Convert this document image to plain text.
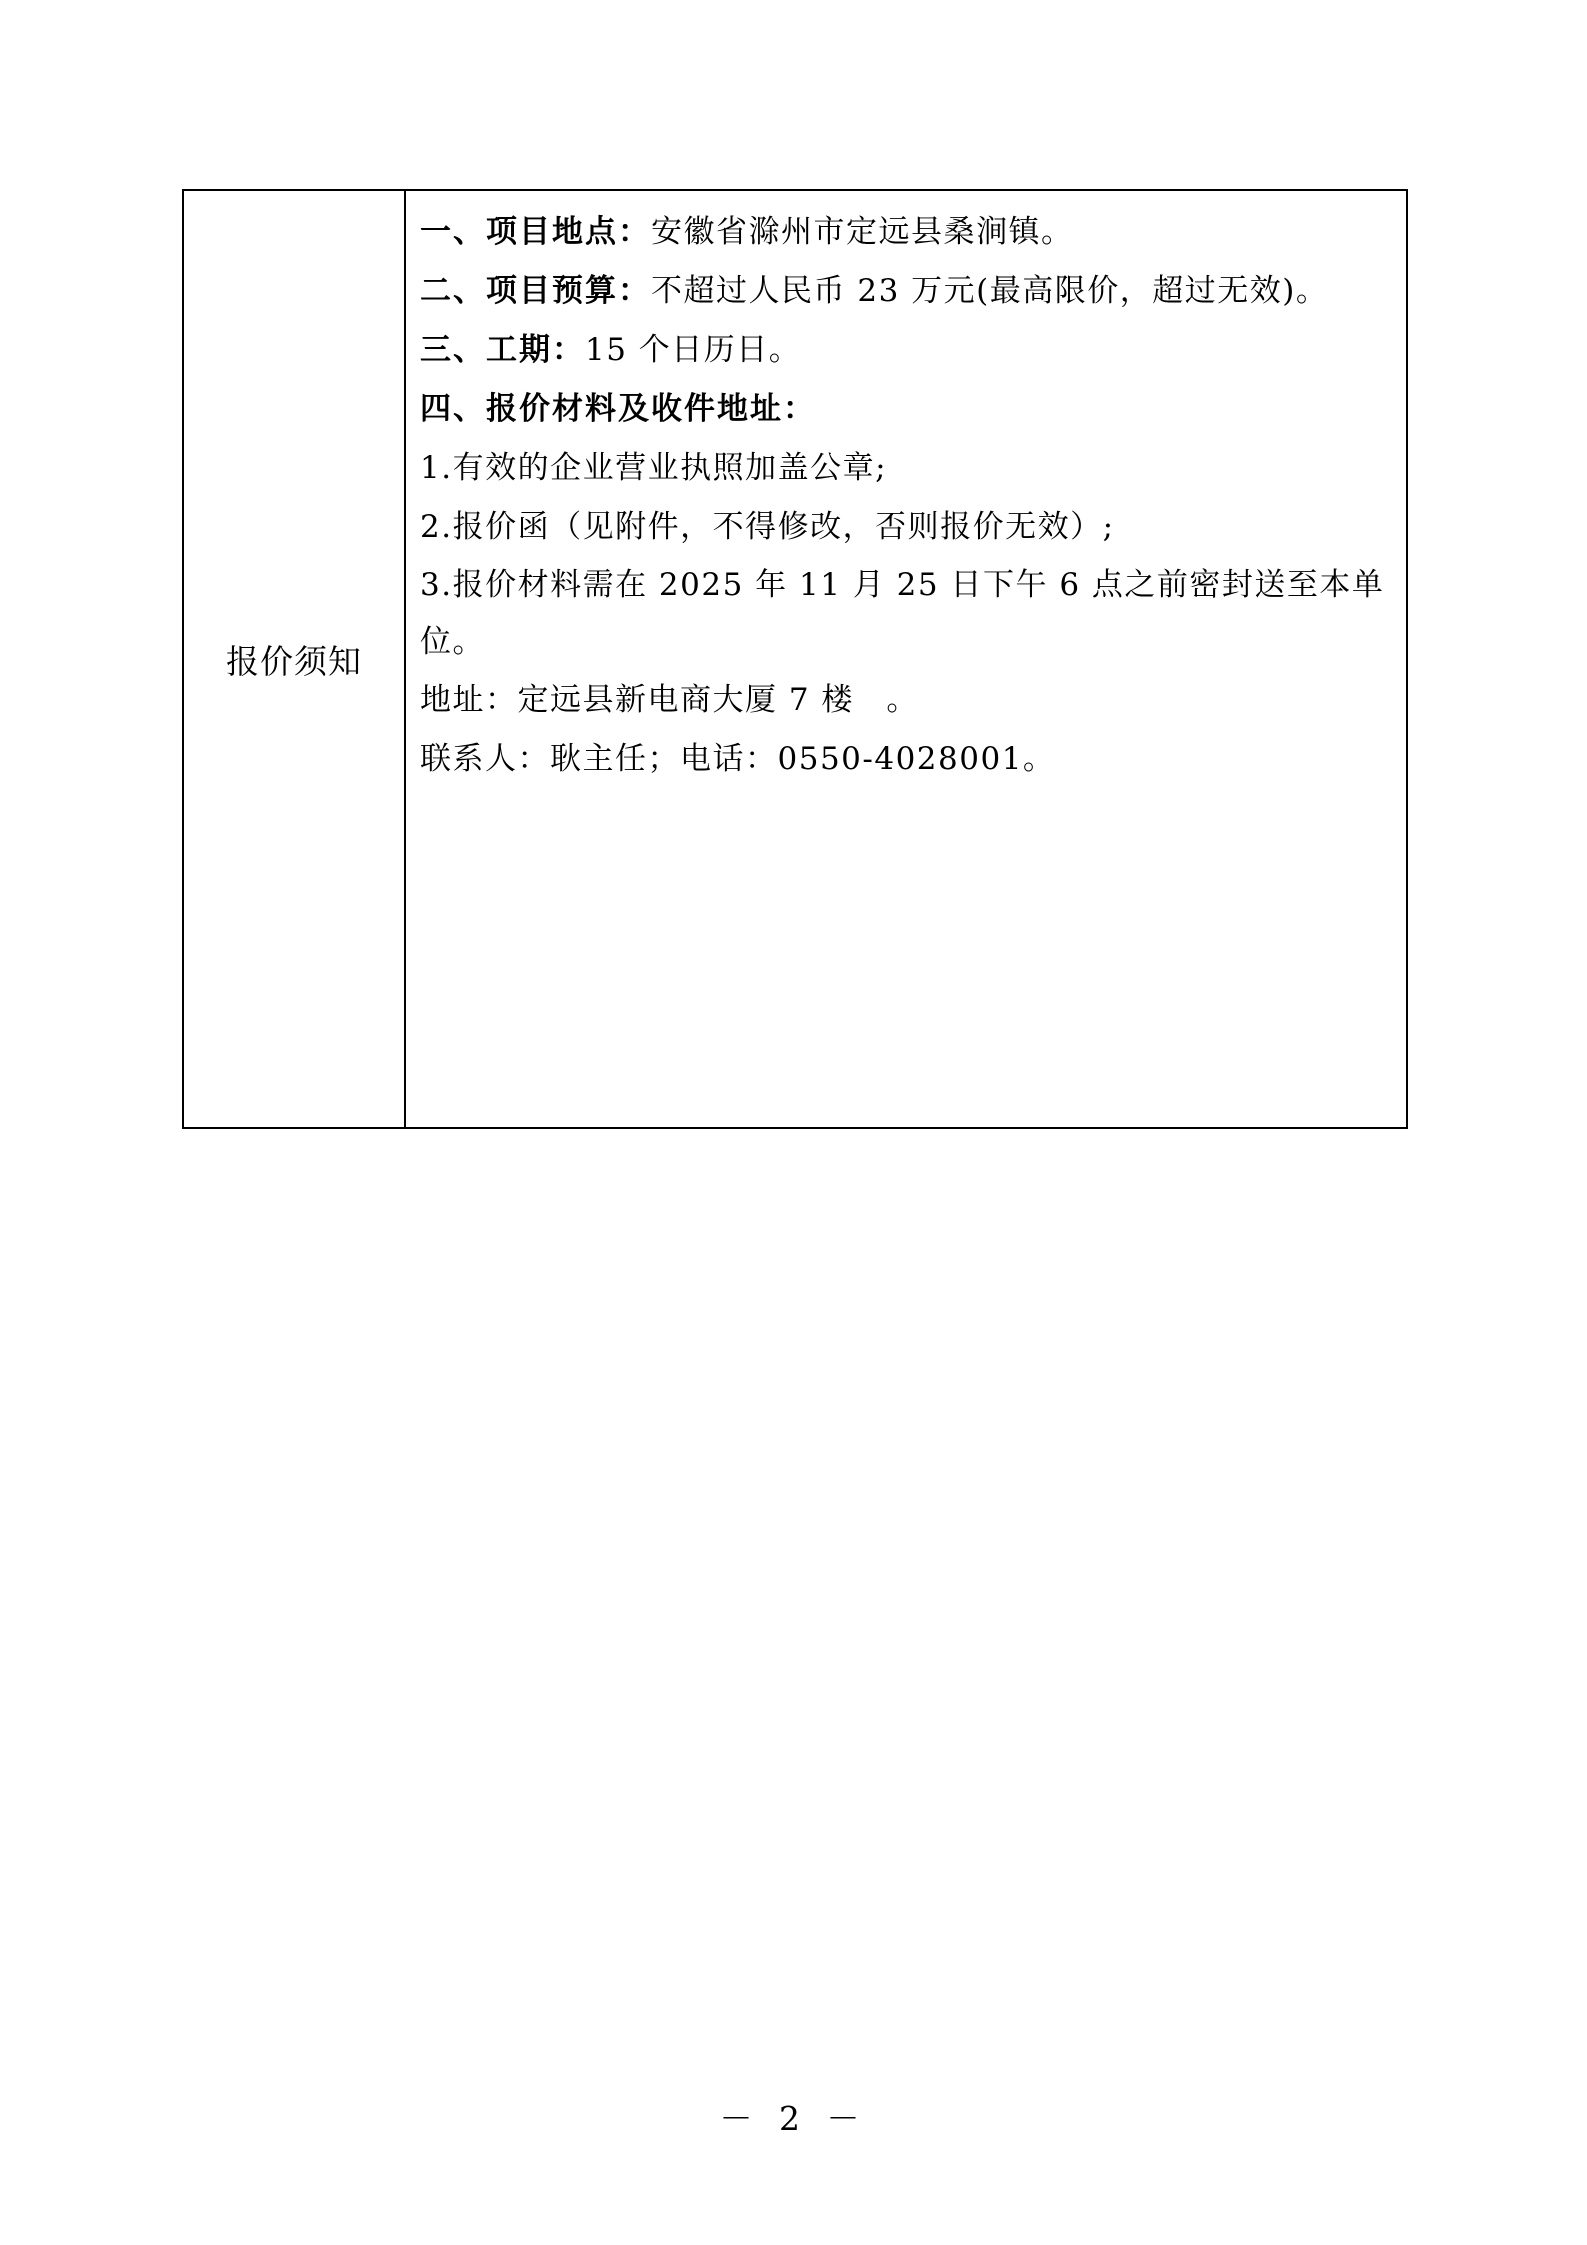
报价须知
一、项目地点：安徽省滁州市定远县桑涧镇。
二、项目预算：不超过人民币 23 万元(最高限价，超过无效)。
三、工期：15 个日历日。
四、报价材料及收件地址：
1.有效的企业营业执照加盖公章;
2.报价函（见附件，不得修改，否则报价无效）;
3.报价材料需在 2025 年 11 月 25 日下午 6 点之前密封送至本单位。
地址：定远县新电商大厦 7 楼　。
联系人：耿主任；电话：0550-4028001。
－ 2 －
